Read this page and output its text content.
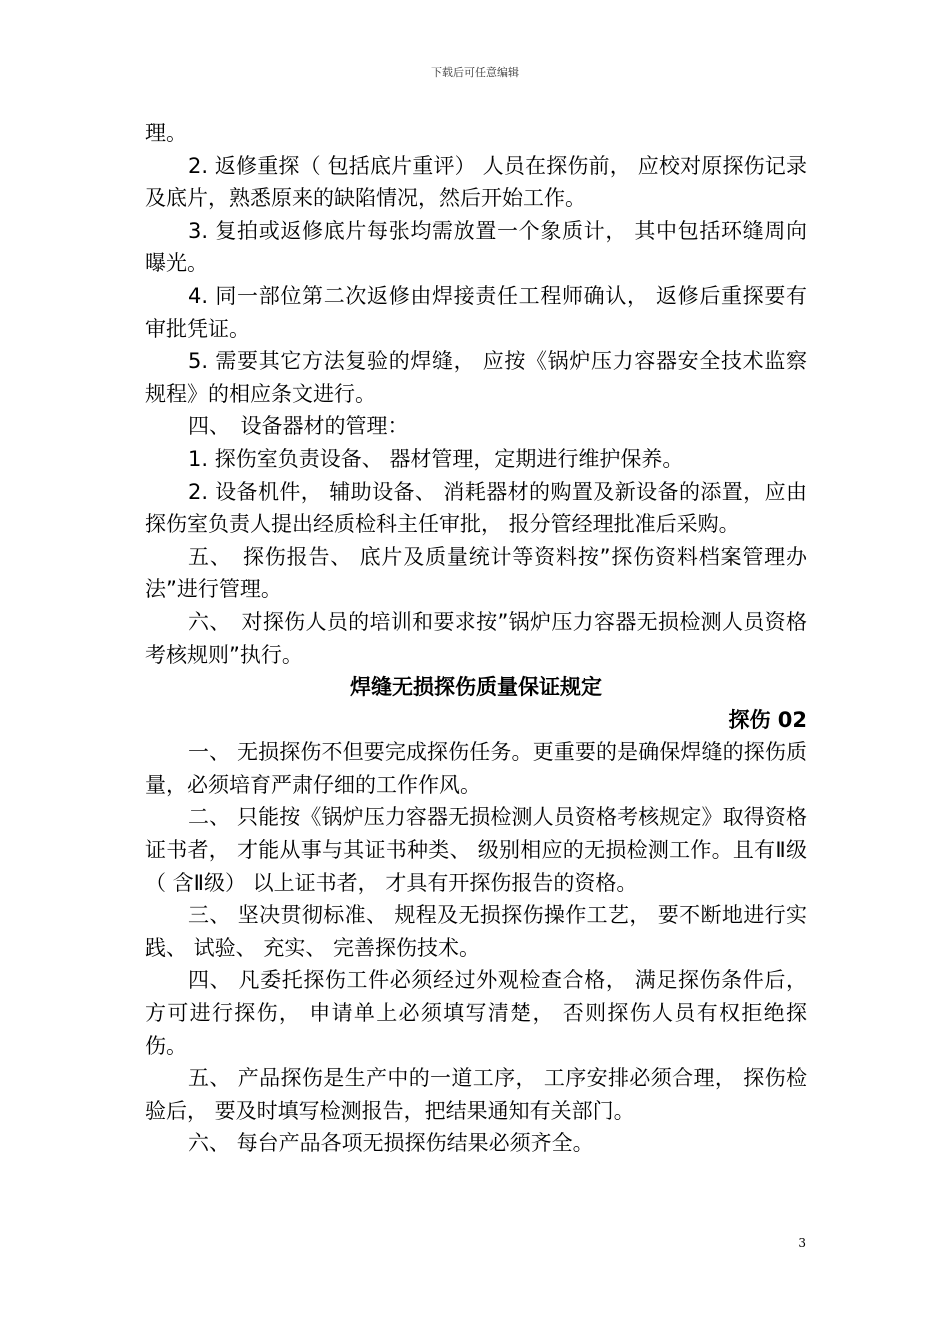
下载后可任意编辑

理。

2. 返修重探（ 包括底片重评） 人员在探伤前， 应校对原探伤记录及底片，熟悉原来的缺陷情况，然后开始工作。

3. 复拍或返修底片每张均需放置一个象质计， 其中包括环缝周向曝光。

4. 同一部位第二次返修由焊接责任工程师确认， 返修后重探要有审批凭证。

5. 需要其它方法复验的焊缝， 应按《锅炉压力容器安全技术监察规程》的相应条文进行。

四、　设备器材的管理：

1. 探伤室负责设备、 器材管理，定期进行维护保养。

2. 设备机件， 辅助设备、 消耗器材的购置及新设备的添置，应由探伤室负责人提出经质检科主任审批， 报分管经理批准后采购。

五、　探伤报告、 底片及质量统计等资料按”探伤资料档案管理办法”进行管理。

六、　对探伤人员的培训和要求按”锅炉压力容器无损检测人员资格考核规则”执行。

焊缝无损探伤质量保证规定

探伤 02

一、 无损探伤不但要完成探伤任务。更重要的是确保焊缝的探伤质量，必须培育严肃仔细的工作作风。

二、 只能按《锅炉压力容器无损检测人员资格考核规定》取得资格证书者， 才能从事与其证书种类、 级别相应的无损检测工作。且有Ⅱ级（ 含Ⅱ级） 以上证书者， 才具有开探伤报告的资格。

三、 坚决贯彻标准、 规程及无损探伤操作工艺， 要不断地进行实践、 试验、 充实、 完善探伤技术。

四、 凡委托探伤工件必须经过外观检查合格， 满足探伤条件后， 方可进行探伤， 申请单上必须填写清楚， 否则探伤人员有权拒绝探伤。

五、 产品探伤是生产中的一道工序， 工序安排必须合理， 探伤检验后， 要及时填写检测报告，把结果通知有关部门。

六、 每台产品各项无损探伤结果必须齐全。

3
